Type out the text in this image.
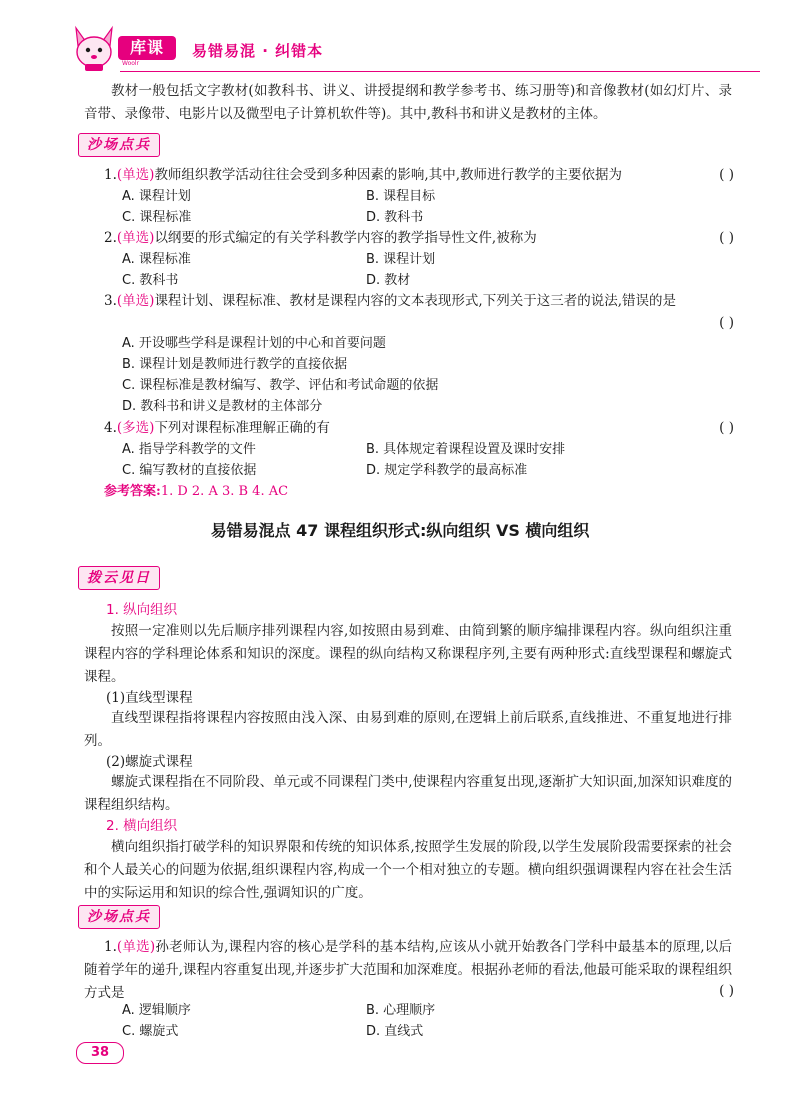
库课
Woolr
易错易混 · 纠错本
教材一般包括文字教材(如教科书、讲义、讲授提纲和教学参考书、练习册等)和音像教材(如幻灯片、录音带、录像带、电影片以及微型电子计算机软件等)。其中,教科书和讲义是教材的主体。
沙场点兵
1.(单选)教师组织教学活动往往会受到多种因素的影响,其中,教师进行教学的主要依据为	( )
A. 课程计划	B. 课程目标
C. 课程标准	D. 教科书
2.(单选)以纲要的形式编定的有关学科教学内容的教学指导性文件,被称为	( )
A. 课程标准	B. 课程计划
C. 教科书	D. 教材
3.(单选)课程计划、课程标准、教材是课程内容的文本表现形式,下列关于这三者的说法,错误的是
( )
A. 开设哪些学科是课程计划的中心和首要问题
B. 课程计划是教师进行教学的直接依据
C. 课程标准是教材编写、教学、评估和考试命题的依据
D. 教科书和讲义是教材的主体部分
4.(多选)下列对课程标准理解正确的有	( )
A. 指导学科教学的文件	B. 具体规定着课程设置及课时安排
C. 编写教材的直接依据	D. 规定学科教学的最高标准
参考答案:1. D 2. A 3. B 4. AC
易错易混点 47 课程组织形式:纵向组织 VS 横向组织
拨云见日
1. 纵向组织
按照一定准则以先后顺序排列课程内容,如按照由易到难、由简到繁的顺序编排课程内容。纵向组织注重课程内容的学科理论体系和知识的深度。课程的纵向结构又称课程序列,主要有两种形式:直线型课程和螺旋式课程。
(1)直线型课程
直线型课程指将课程内容按照由浅入深、由易到难的原则,在逻辑上前后联系,直线推进、不重复地进行排列。
(2)螺旋式课程
螺旋式课程指在不同阶段、单元或不同课程门类中,使课程内容重复出现,逐渐扩大知识面,加深知识难度的课程组织结构。
2. 横向组织
横向组织指打破学科的知识界限和传统的知识体系,按照学生发展的阶段,以学生发展阶段需要探索的社会和个人最关心的问题为依据,组织课程内容,构成一个一个相对独立的专题。横向组织强调课程内容在社会生活中的实际运用和知识的综合性,强调知识的广度。
沙场点兵
1.(单选)孙老师认为,课程内容的核心是学科的基本结构,应该从小就开始教各门学科中最基本的原理,以后随着学年的递升,课程内容重复出现,并逐步扩大范围和加深难度。根据孙老师的看法,他最可能采取的课程组织方式是	( )
A. 逻辑顺序	B. 心理顺序
C. 螺旋式	D. 直线式
38
